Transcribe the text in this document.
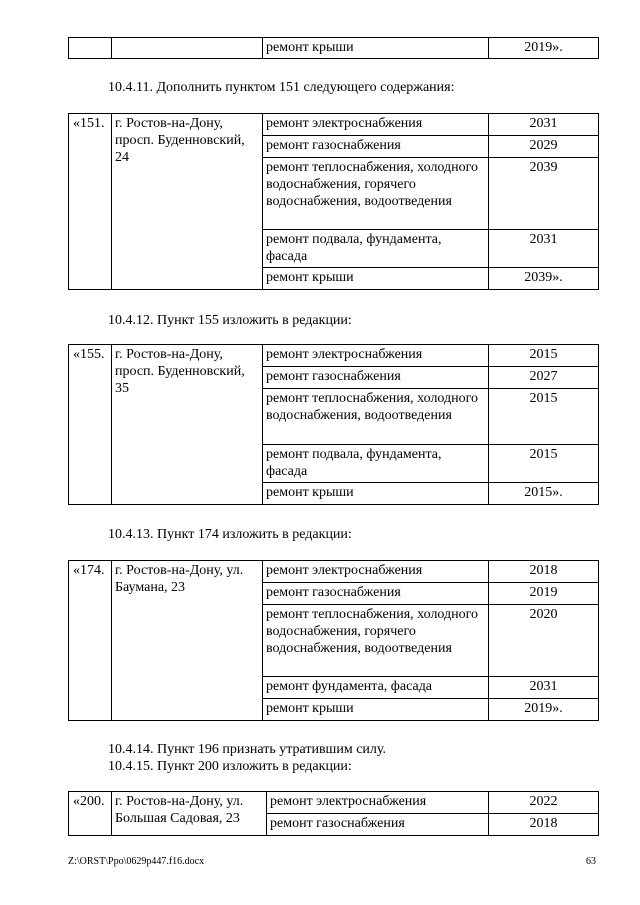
		ремонт крыши	2019».
10.4.11. Дополнить пунктом 151 следующего содержания:
«151.	г. Ростов-на-Дону, просп. Буденновский, 24	ремонт электроснабжения	2031
		ремонт газоснабжения	2029
		ремонт теплоснабжения, холодного водоснабжения, горячего водоснабжения, водоотведения	2039
		ремонт подвала, фундамента, фасада	2031
		ремонт крыши	2039».
10.4.12. Пункт 155 изложить в редакции:
«155.	г. Ростов-на-Дону, просп. Буденновский, 35	ремонт электроснабжения	2015
		ремонт газоснабжения	2027
		ремонт теплоснабжения, холодного водоснабжения, водоотведения	2015
		ремонт подвала, фундамента, фасада	2015
		ремонт крыши	2015».
10.4.13. Пункт 174 изложить в редакции:
«174.	г. Ростов-на-Дону, ул. Баумана, 23	ремонт электроснабжения	2018
		ремонт газоснабжения	2019
		ремонт теплоснабжения, холодного водоснабжения, горячего водоснабжения, водоотведения	2020
		ремонт фундамента, фасада	2031
		ремонт крыши	2019».
10.4.14. Пункт 196 признать утратившим силу.
10.4.15. Пункт 200 изложить в редакции:
«200.	г. Ростов-на-Дону, ул. Большая Садовая, 23	ремонт электроснабжения	2022
		ремонт газоснабжения	2018
Z:\ORST\Ppo\0629p447.f16.docx	63
